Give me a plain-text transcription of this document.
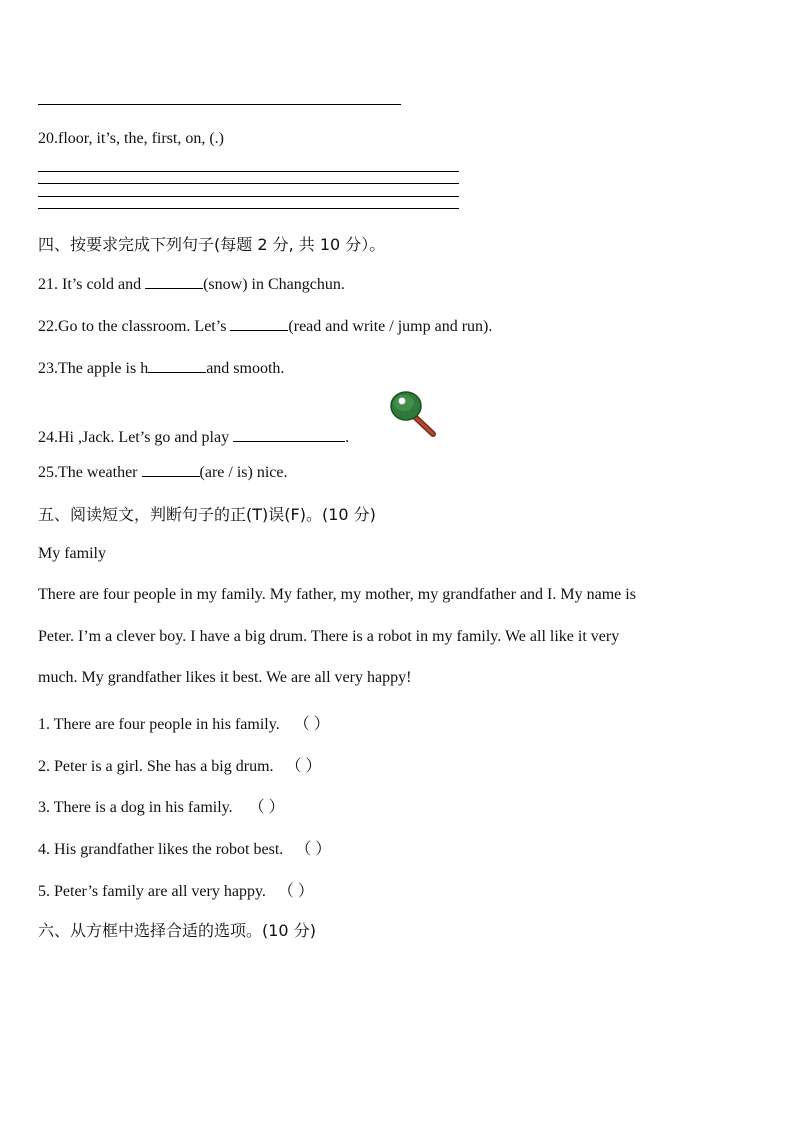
20.floor, it’s, the, first, on, (.)
四、按要求完成下列句子(每题 2 分, 共 10 分）。
21. It’s cold and	(snow) in Changchun.
22.Go to the classroom. Let’s	(read and write / jump and run).
23.The apple is h	and smooth.
24.Hi ,Jack. Let’s go and play	.
25.The weather	(are / is) nice.
五、阅读短文，判断句子的正(T)误(F)。(10 分)
My family
There are four people in my family. My father, my mother, my grandfather and I. My name is
Peter. I’m a clever boy. I have a big drum. There is a robot in my family. We all like it very
much. My grandfather likes it best. We are all very happy!
1. There are four people in his family. （ ）
2. Peter is a girl. She has a big drum. （ ）
3. There is a dog in his family. （ ）
4. His grandfather likes the robot best. （ ）
5. Peter’s family are all very happy. （ ）
六、从方框中选择合适的选项。(10 分)
